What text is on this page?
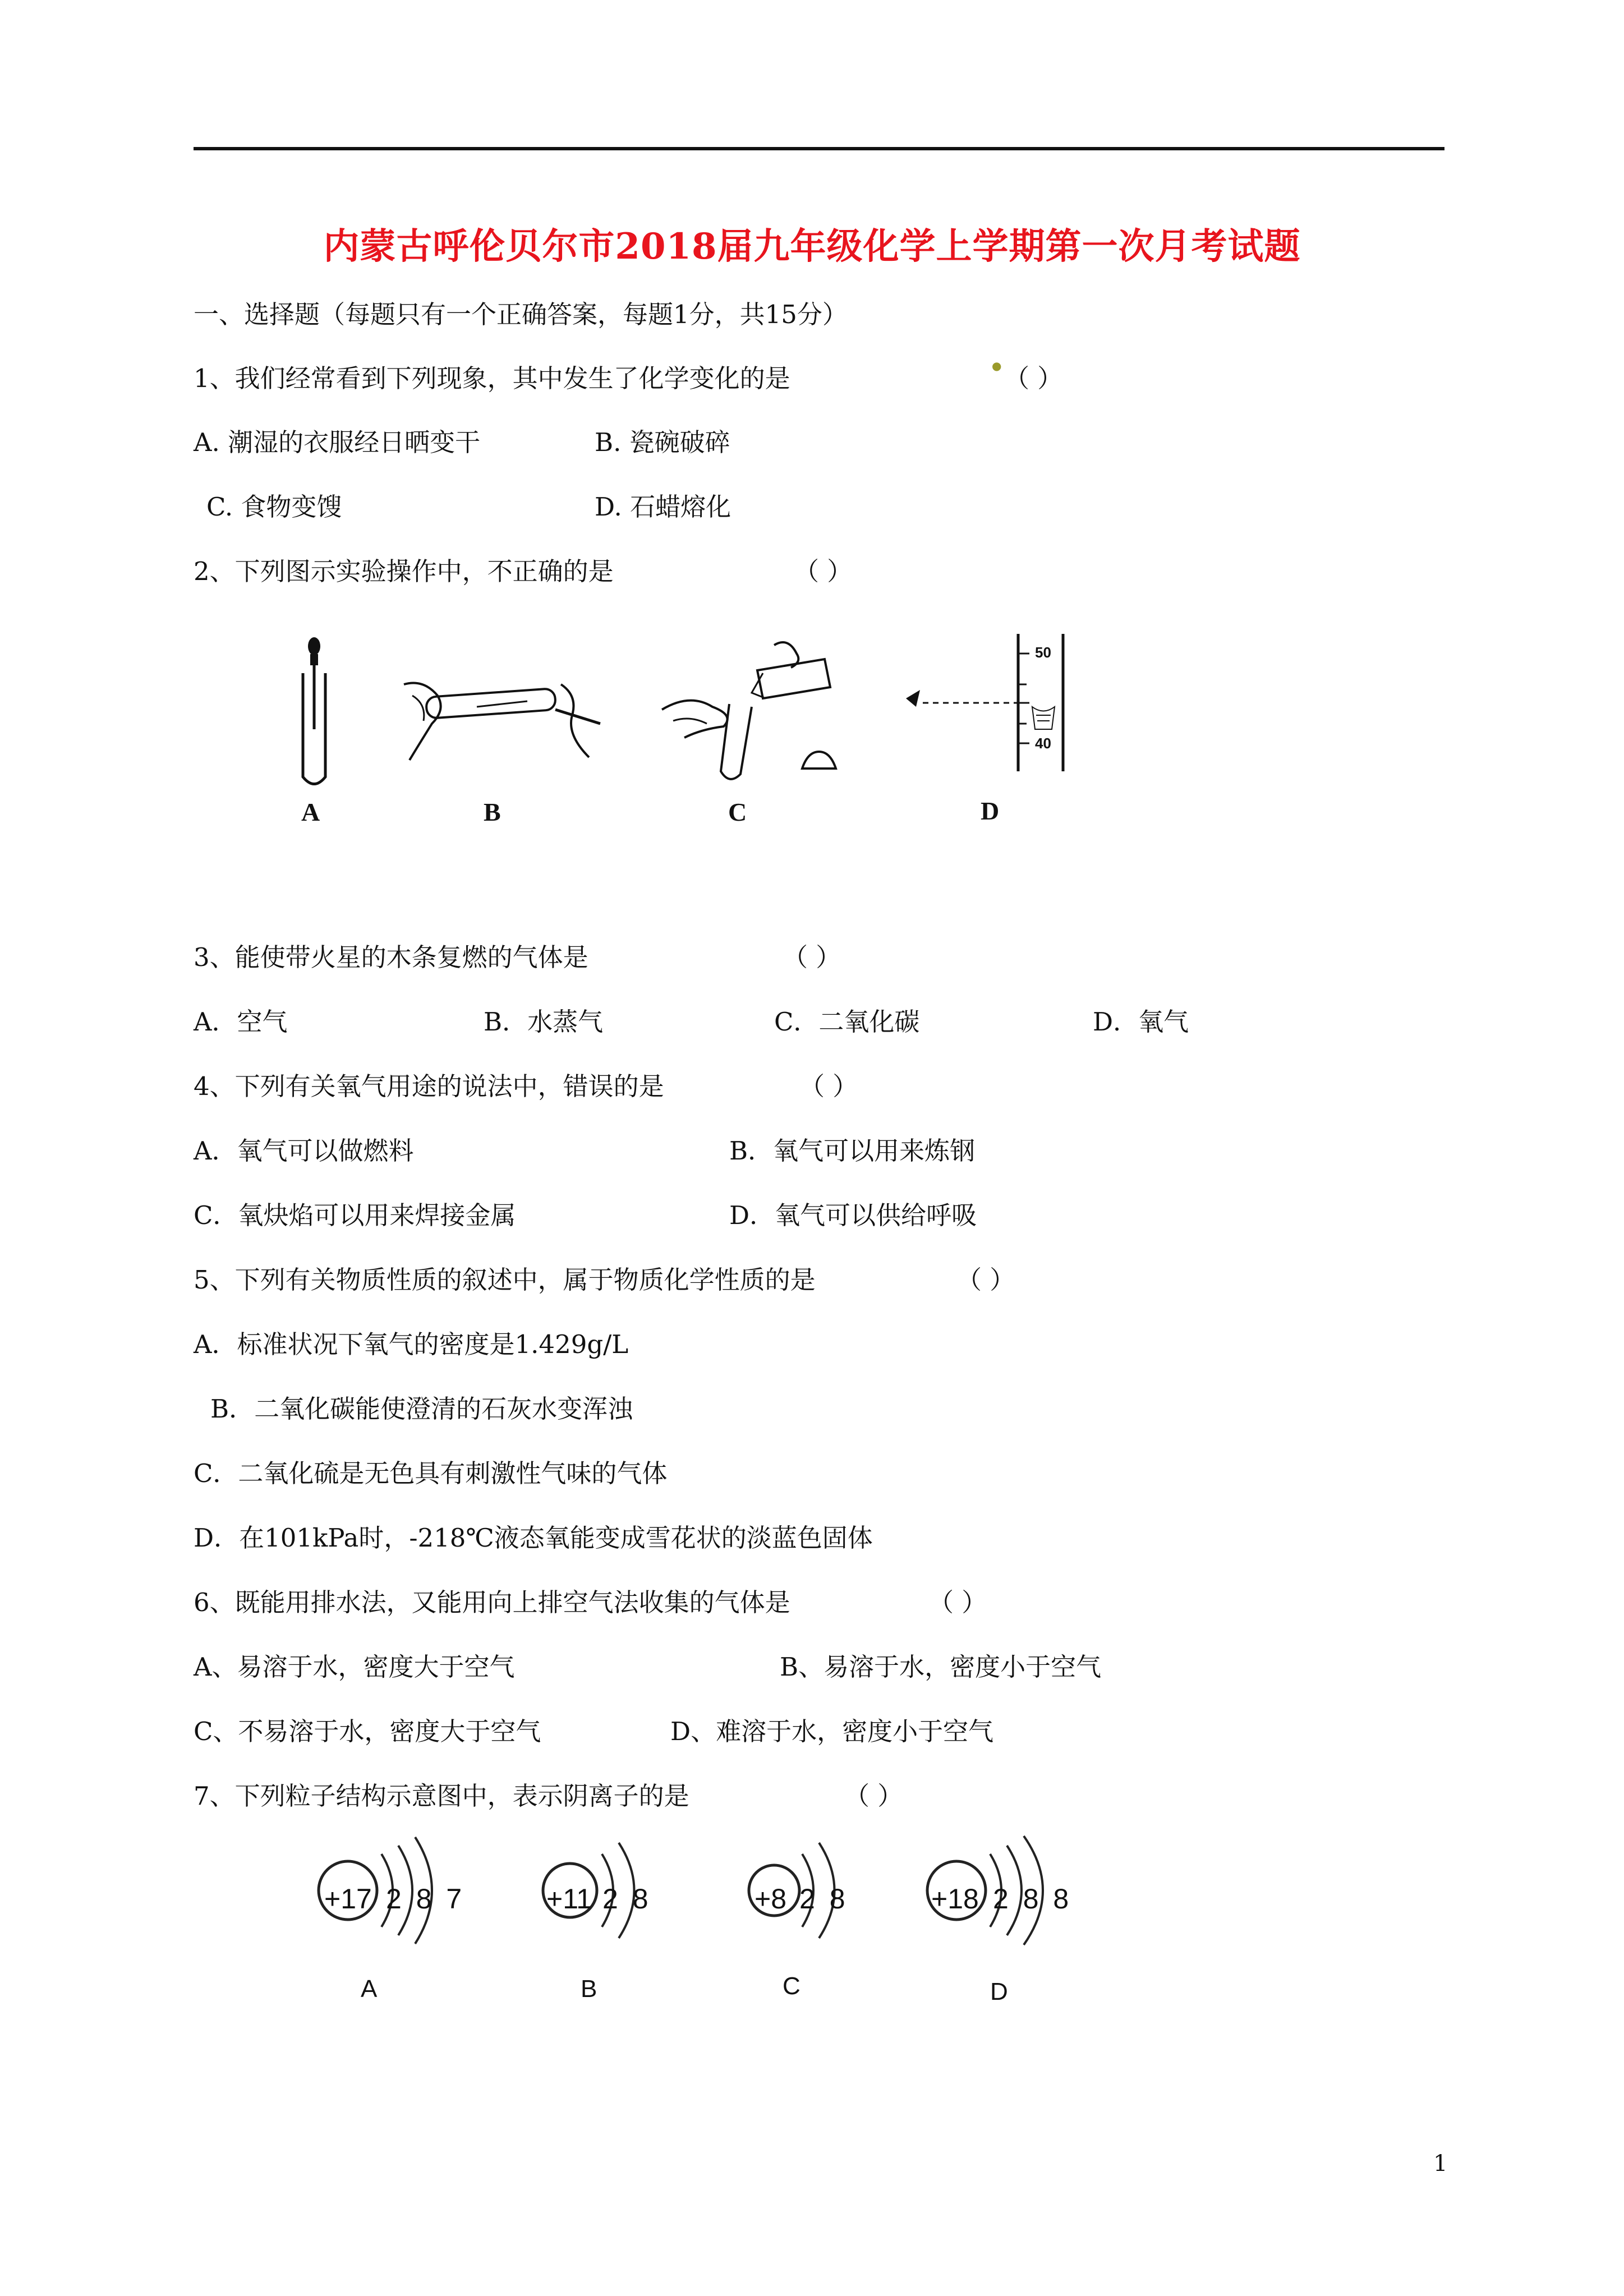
内蒙古呼伦贝尔市2018届九年级化学上学期第一次月考试题
一、选择题（每题只有一个正确答案，每题1分，共15分）
1、我们经常看到下列现象，其中发生了化学变化的是	● （ ）
A. 潮湿的衣服经日晒变干	B. 瓷碗破碎
C. 食物变馊	D. 石蜡熔化
2、下列图示实验操作中，不正确的是	（ ）
A	B	C
50
40
D
3、能使带火星的木条复燃的气体是	（ ）
A．空气	B．水蒸气	C．二氧化碳	D．氧气
4、下列有关氧气用途的说法中，错误的是	（ ）
A．氧气可以做燃料	B．氧气可以用来炼钢
C．氧炔焰可以用来焊接金属	D．氧气可以供给呼吸
5、下列有关物质性质的叙述中，属于物质化学性质的是	（ ）
A．标准状况下氧气的密度是1.429g/L
B．二氧化碳能使澄清的石灰水变浑浊
C．二氧化硫是无色具有刺激性气味的气体
D．在101kPa时，-218℃液态氧能变成雪花状的淡蓝色固体
6、既能用排水法，又能用向上排空气法收集的气体是	（ ）
A、易溶于水，密度大于空气	B、易溶于水，密度小于空气
C、不易溶于水，密度大于空气	D、难溶于水，密度小于空气
7、下列粒子结构示意图中，表示阴离子的是	（ ）
+17 2 8 7
A
+11 2 8
B
+8 2 8
C
+18 2 8 8
D
1
